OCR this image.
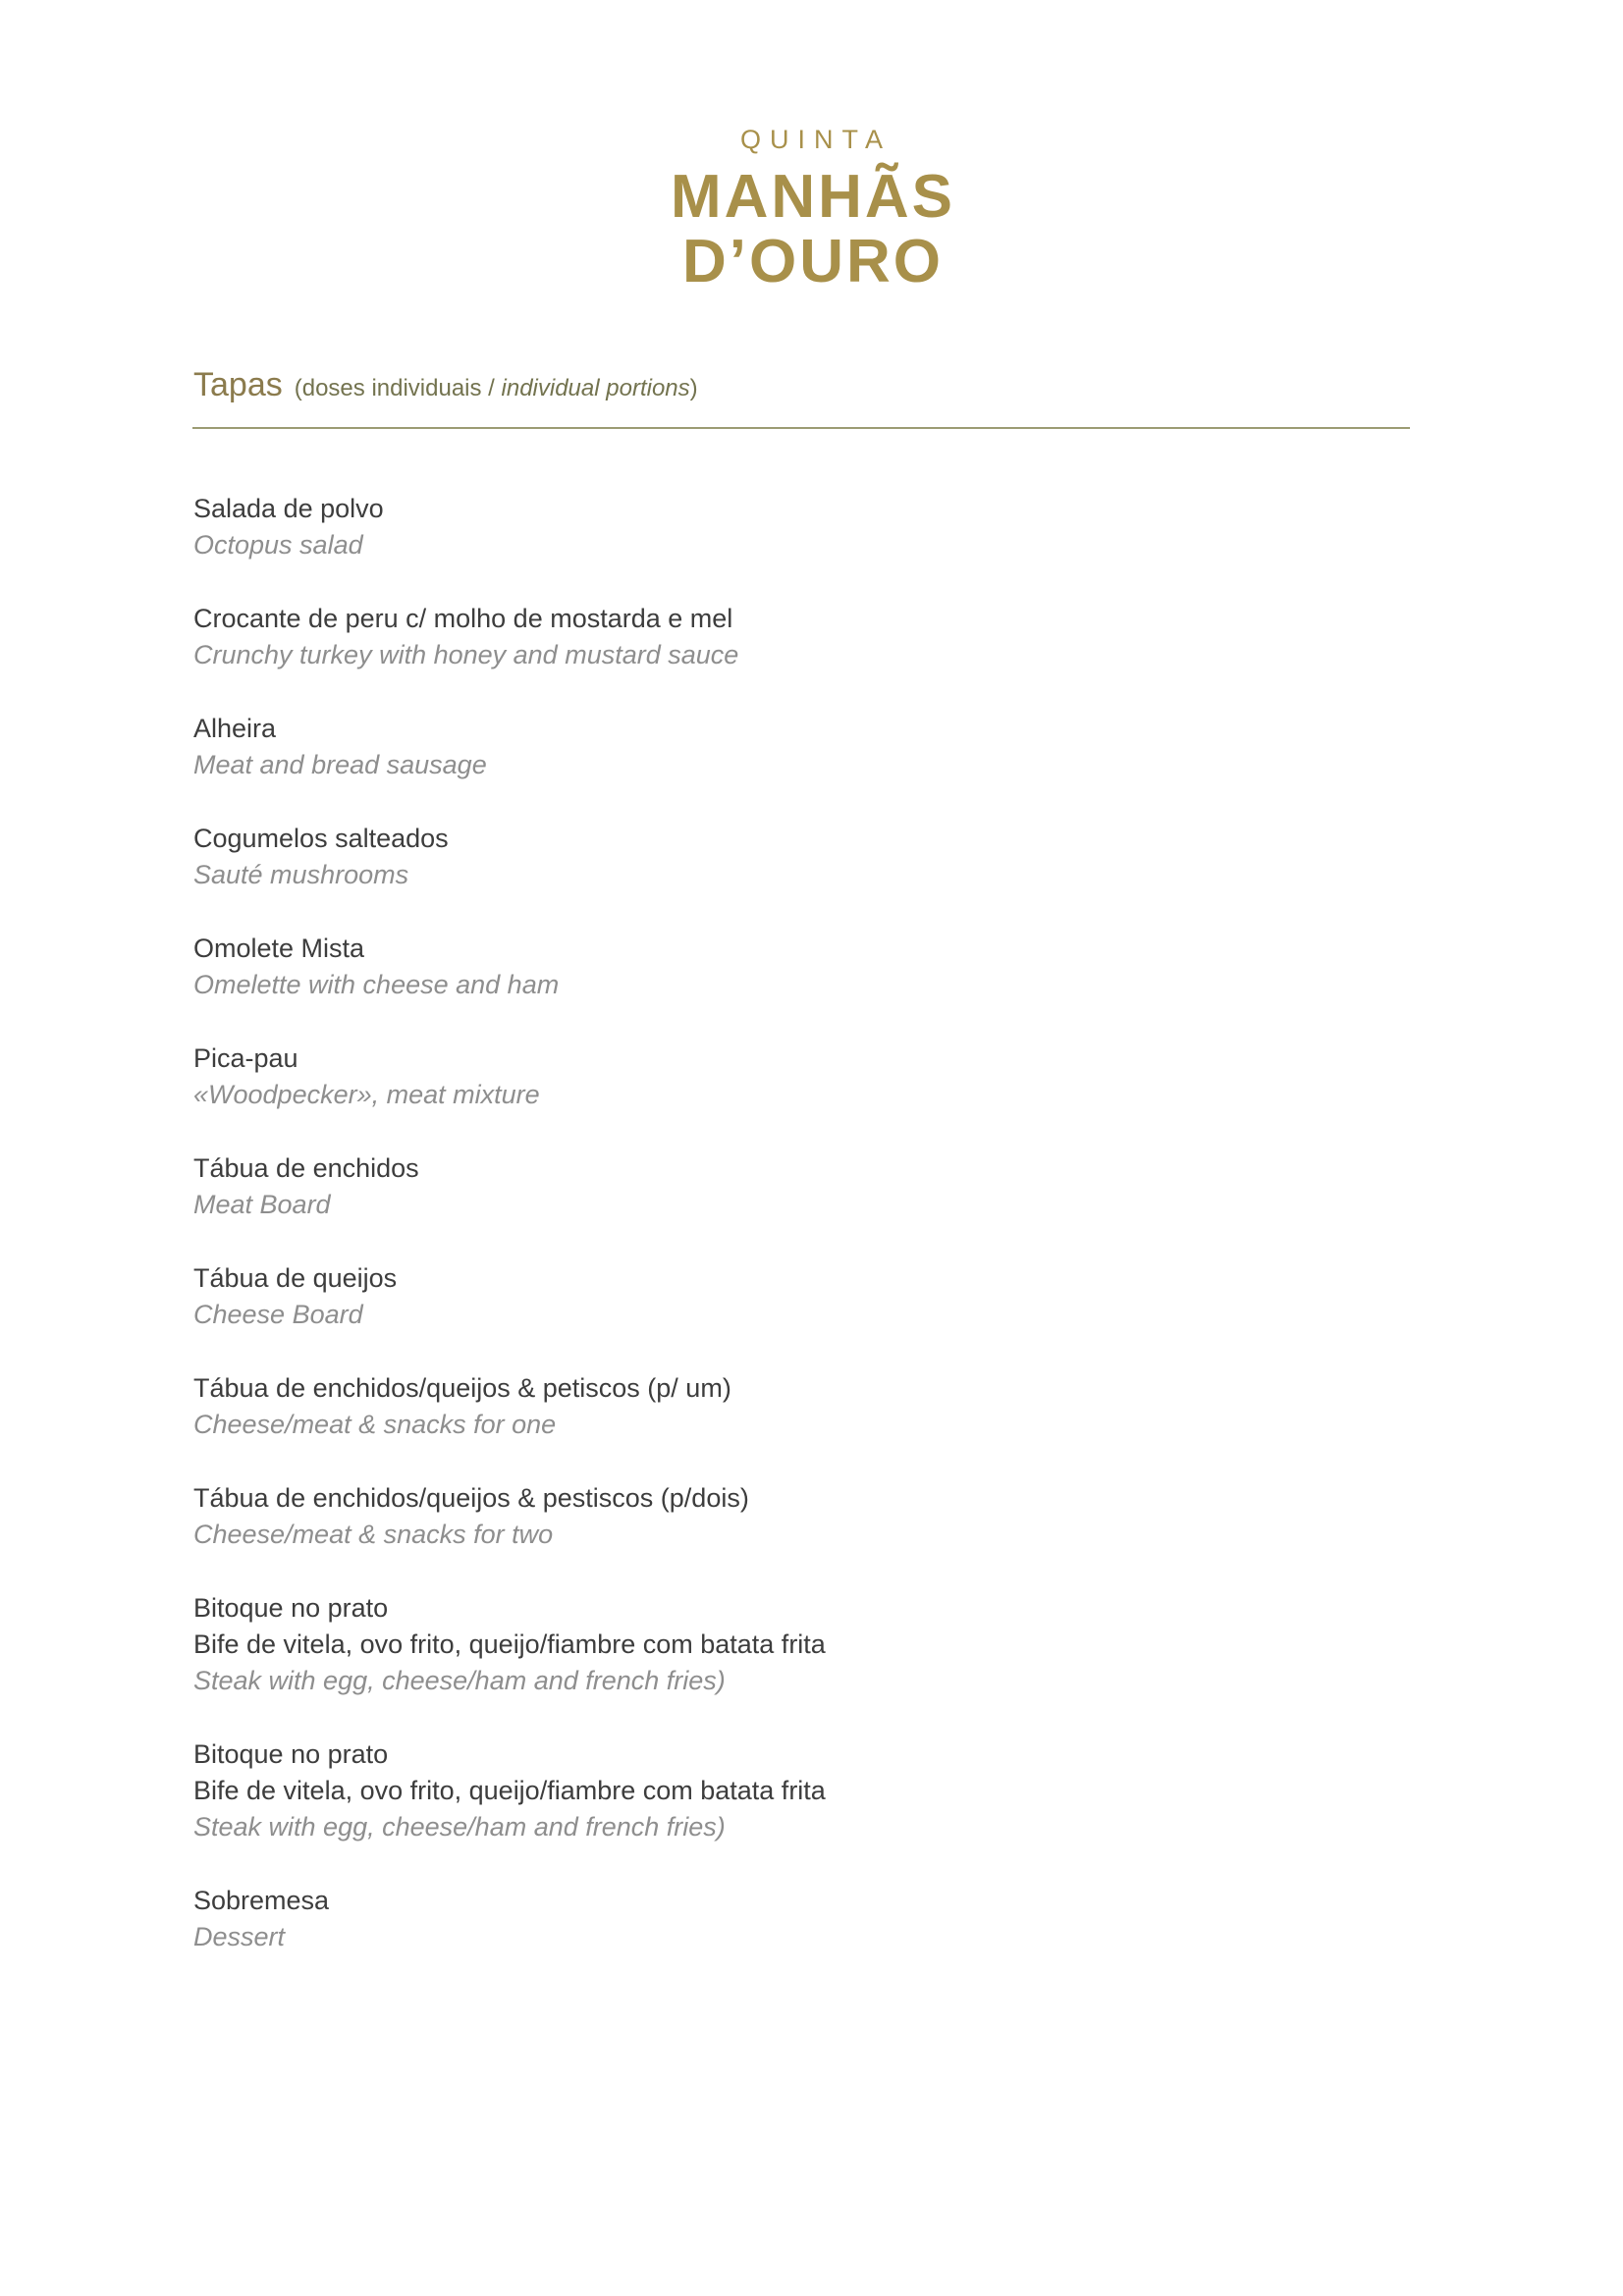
QUINTA
MANHÃS
D’OURO
Tapas (doses individuais / individual portions)
Salada de polvo
Octopus salad
Crocante de peru c/ molho de mostarda e mel
Crunchy turkey with honey and mustard sauce
Alheira
Meat and bread sausage
Cogumelos salteados
Sauté mushrooms
Omolete Mista
Omelette with cheese and ham
Pica-pau
«Woodpecker», meat mixture
Tábua de enchidos
Meat Board
Tábua de queijos
Cheese Board
Tábua de enchidos/queijos & petiscos (p/ um)
Cheese/meat & snacks for one
Tábua de enchidos/queijos & pestiscos (p/dois)
Cheese/meat & snacks for two
Bitoque no prato
Bife de vitela, ovo frito, queijo/fiambre com batata frita
Steak with egg, cheese/ham and french fries)
Bitoque no prato
Bife de vitela, ovo frito, queijo/fiambre com batata frita
Steak with egg, cheese/ham and french fries)
Sobremesa
Dessert
